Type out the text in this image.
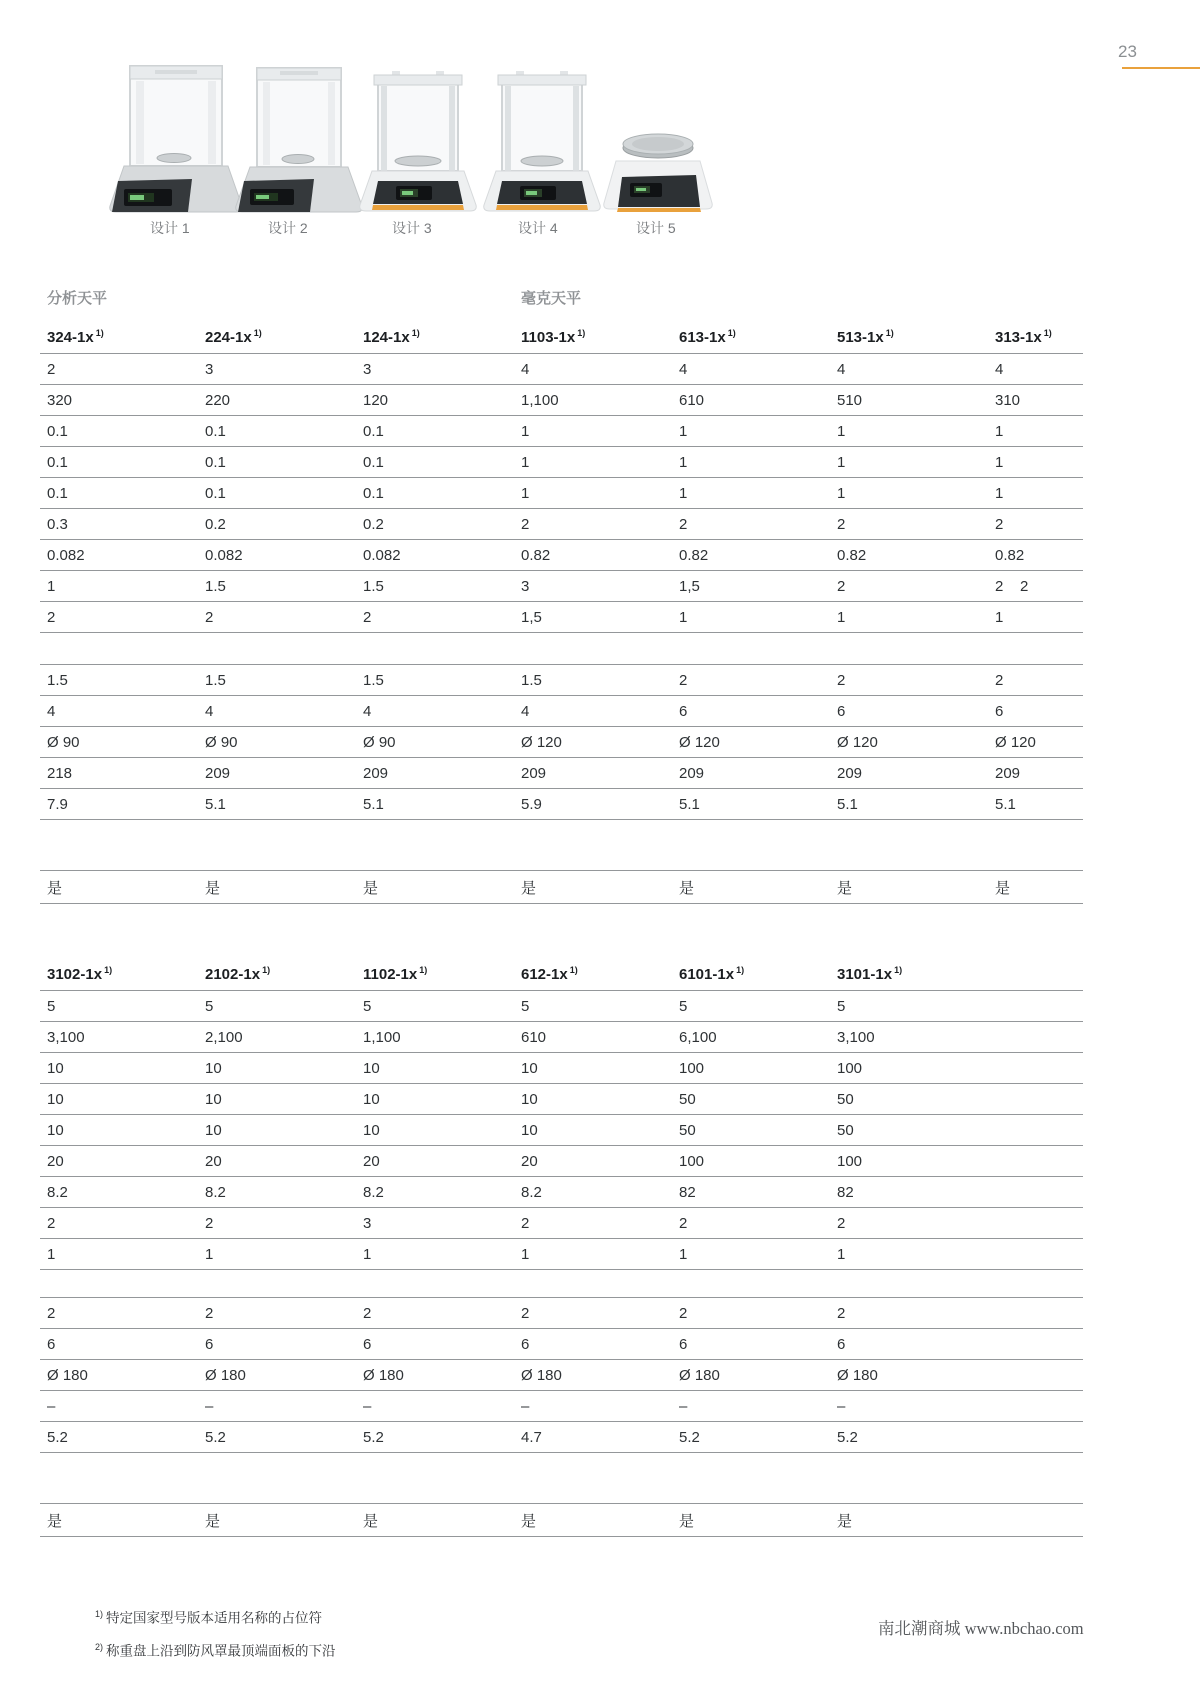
23
设计 1	设计 2	设计 3	设计 4	设计 5
分析天平	毫克天平
324-1x $^{1)}$	224-1x $^{1)}$	124-1x $^{1)}$	1103-1x $^{1)}$	613-1x $^{1)}$	513-1x $^{1)}$	313-1x $^{1)}$
2	3	3	4	4	4	4
320	220	120	1,100	610	510	310
0.1	0.1	0.1	1	1	1	1
0.1	0.1	0.1	1	1	1	1
0.1	0.1	0.1	1	1	1	1
0.3	0.2	0.2	2	2	2	2
0.082	0.082	0.082	0.82	0.82	0.82	0.82
1	1.5	1.5	3	1,5	2	2    2
2	2	2	1,5	1	1	1
1.5	1.5	1.5	1.5	2	2	2
4	4	4	4	6	6	6
Ø 90	Ø 90	Ø 90	Ø 120	Ø 120	Ø 120	Ø 120
218	209	209	209	209	209	209
7.9	5.1	5.1	5.9	5.1	5.1	5.1
是	是	是	是	是	是	是
3102-1x $^{1)}$	2102-1x $^{1)}$	1102-1x $^{1)}$	612-1x $^{1)}$	6101-1x $^{1)}$	3101-1x $^{1)}$
5	5	5	5	5	5
3,100	2,100	1,100	610	6,100	3,100
10	10	10	10	100	100
10	10	10	10	50	50
10	10	10	10	50	50
20	20	20	20	100	100
8.2	8.2	8.2	8.2	82	82
2	2	3	2	2	2
1	1	1	1	1	1
2	2	2	2	2	2
6	6	6	6	6	6
Ø 180	Ø 180	Ø 180	Ø 180	Ø 180	Ø 180
–	–	–	–	–	–
5.2	5.2	5.2	4.7	5.2	5.2
是	是	是	是	是	是
$^{1)}$ 特定国家型号版本适用名称的占位符
$^{2)}$ 称重盘上沿到防风罩最顶端面板的下沿
南北潮商城 www.nbchao.com
